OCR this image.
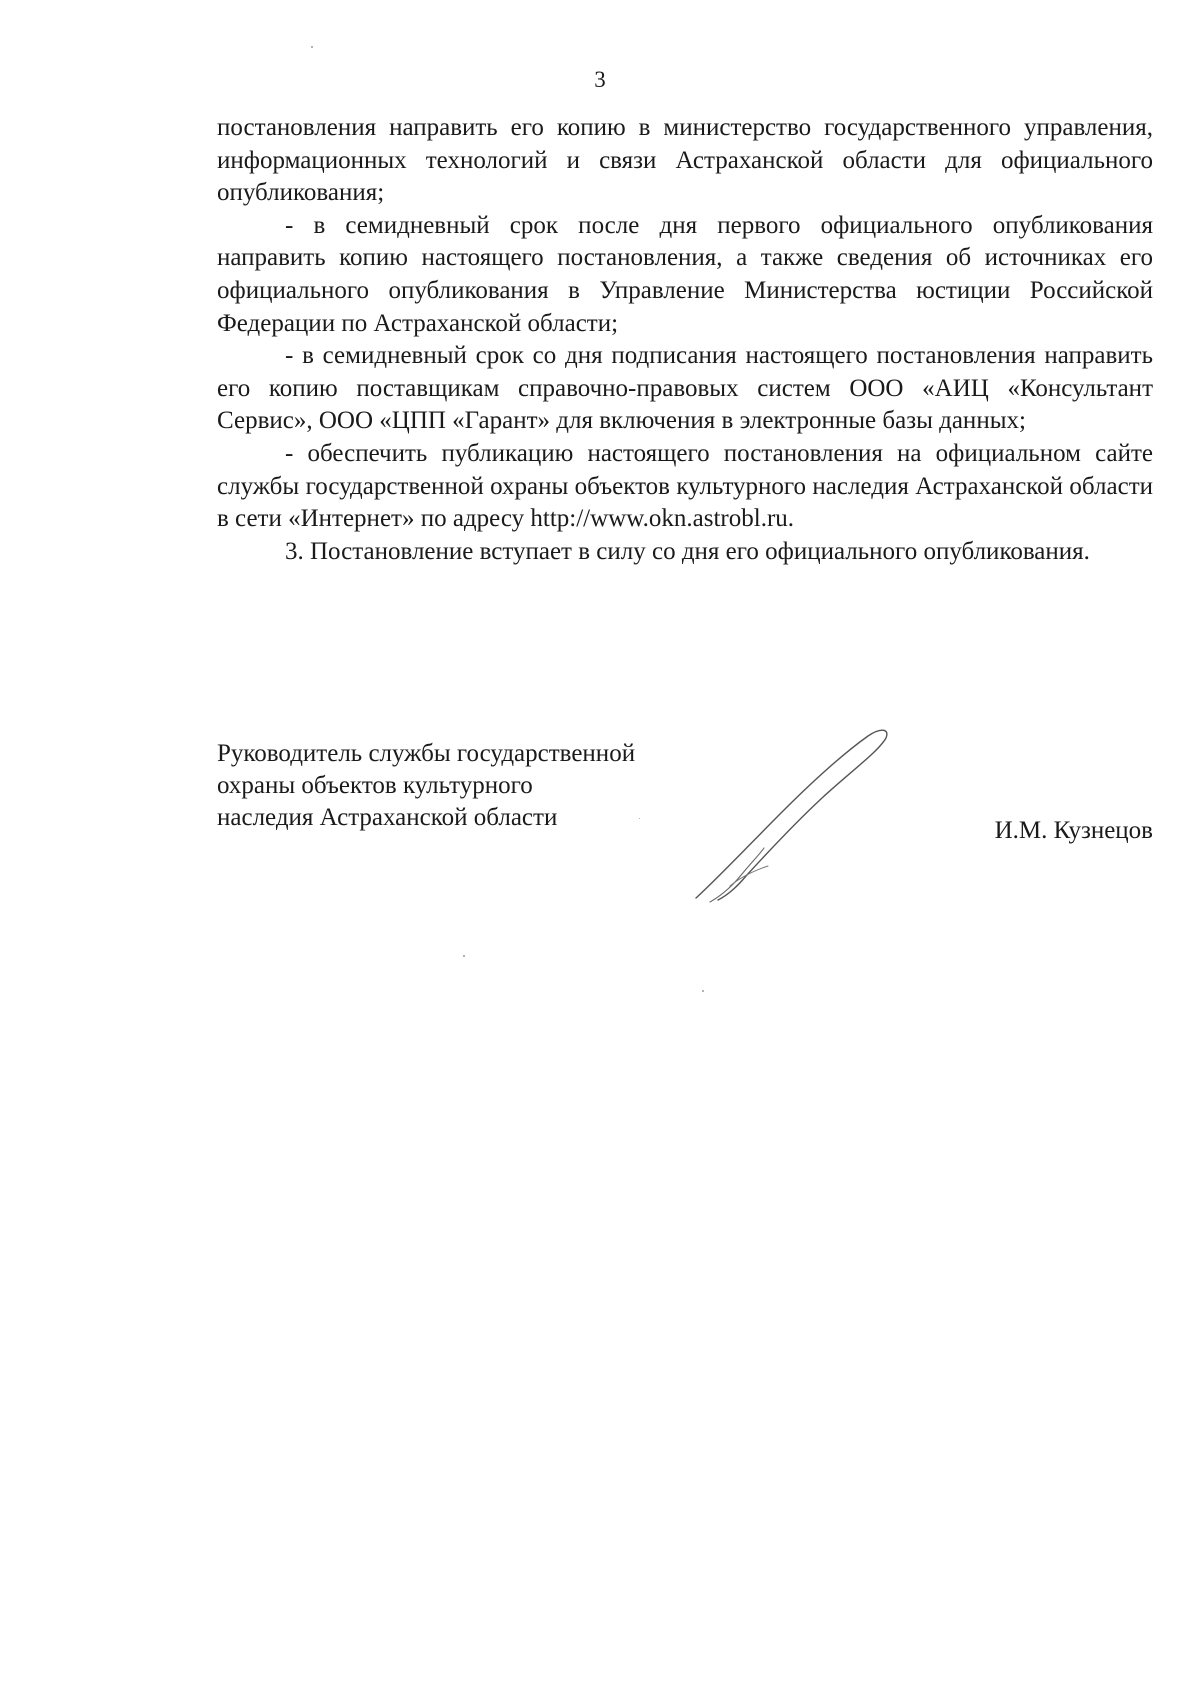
3

постановления направить его копию в министерство государственного управления, информационных технологий и связи Астраханской области для официального опубликования;

- в семидневный срок после дня первого официального опубликования направить копию настоящего постановления, а также сведения об источниках его официального опубликования в Управление Министерства юстиции Российской Федерации по Астраханской области;

- в семидневный срок со дня подписания настоящего постановления направить его копию поставщикам справочно-правовых систем ООО «АИЦ «Консультант Сервис», ООО «ЦПП «Гарант» для включения в электронные базы данных;

- обеспечить публикацию настоящего постановления на официальном сайте службы государственной охраны объектов культурного наследия Астраханской области в сети «Интернет» по адресу http://www.okn.astrobl.ru.

3. Постановление вступает в силу со дня его официального опубликования.

Руководитель службы государственной
охраны объектов культурного
наследия Астраханской области	И.М. Кузнецов
